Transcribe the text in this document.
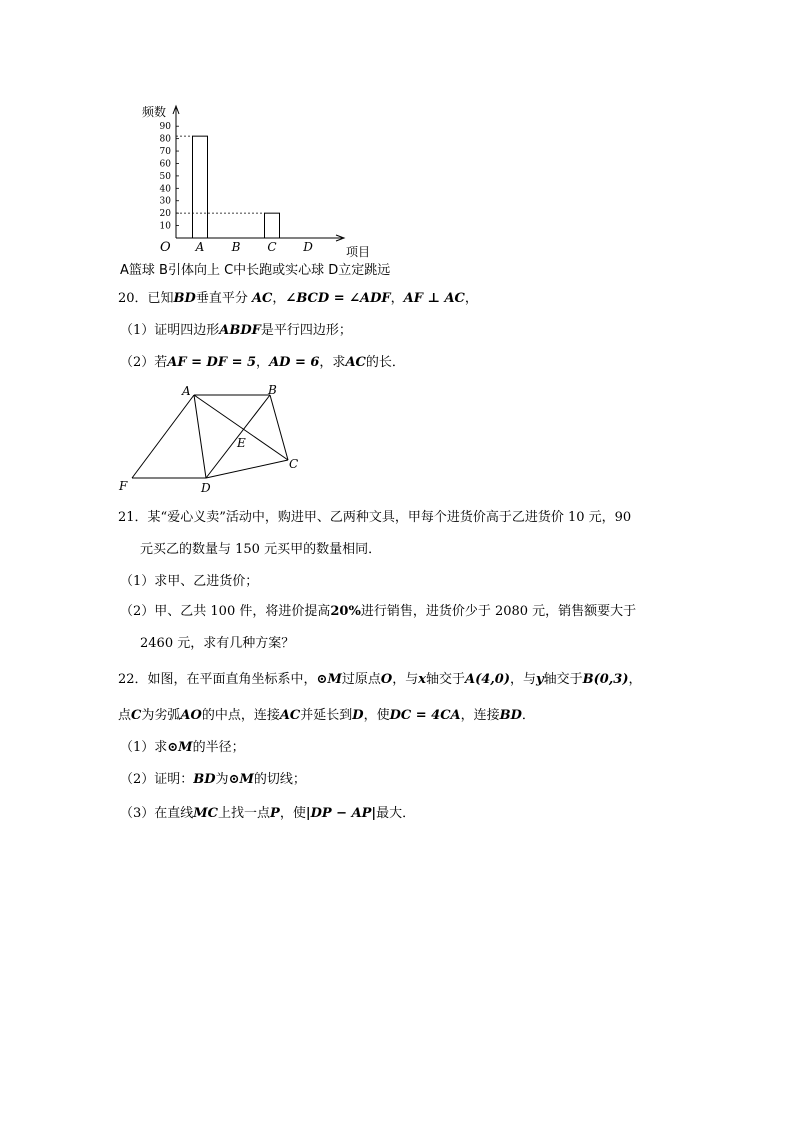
10
20
30
40
50
60
70
80
90
A B C D
频数
项目
O
A篮球 B引体向上 C中长跑或实心球 D立定跳远
20．已知BD垂直平分 AC，∠BCD = ∠ADF，AF ⊥ AC，
（1）证明四边形ABDF是平行四边形；
（2）若AF = DF = 5，AD = 6，求AC的长．
A	B
C
D
E
F
21．某“爱心义卖”活动中，购进甲、乙两种文具，甲每个进货价高于乙进货价 10 元，90
元买乙的数量与 150 元买甲的数量相同．
（1）求甲、乙进货价；
（2）甲、乙共 100 件，将进价提高20%进行销售，进货价少于 2080 元，销售额要大于
2460 元，求有几种方案？
22．如图，在平面直角坐标系中，⊙M过原点O，与x轴交于A(4,0)，与y轴交于B(0,3)，
点C为劣弧AO的中点，连接AC并延长到D，使DC = 4CA，连接BD．
（1）求⊙M的半径；
（2）证明：BD为⊙M的切线；
（3）在直线MC上找一点P，使|DP − AP|最大．
